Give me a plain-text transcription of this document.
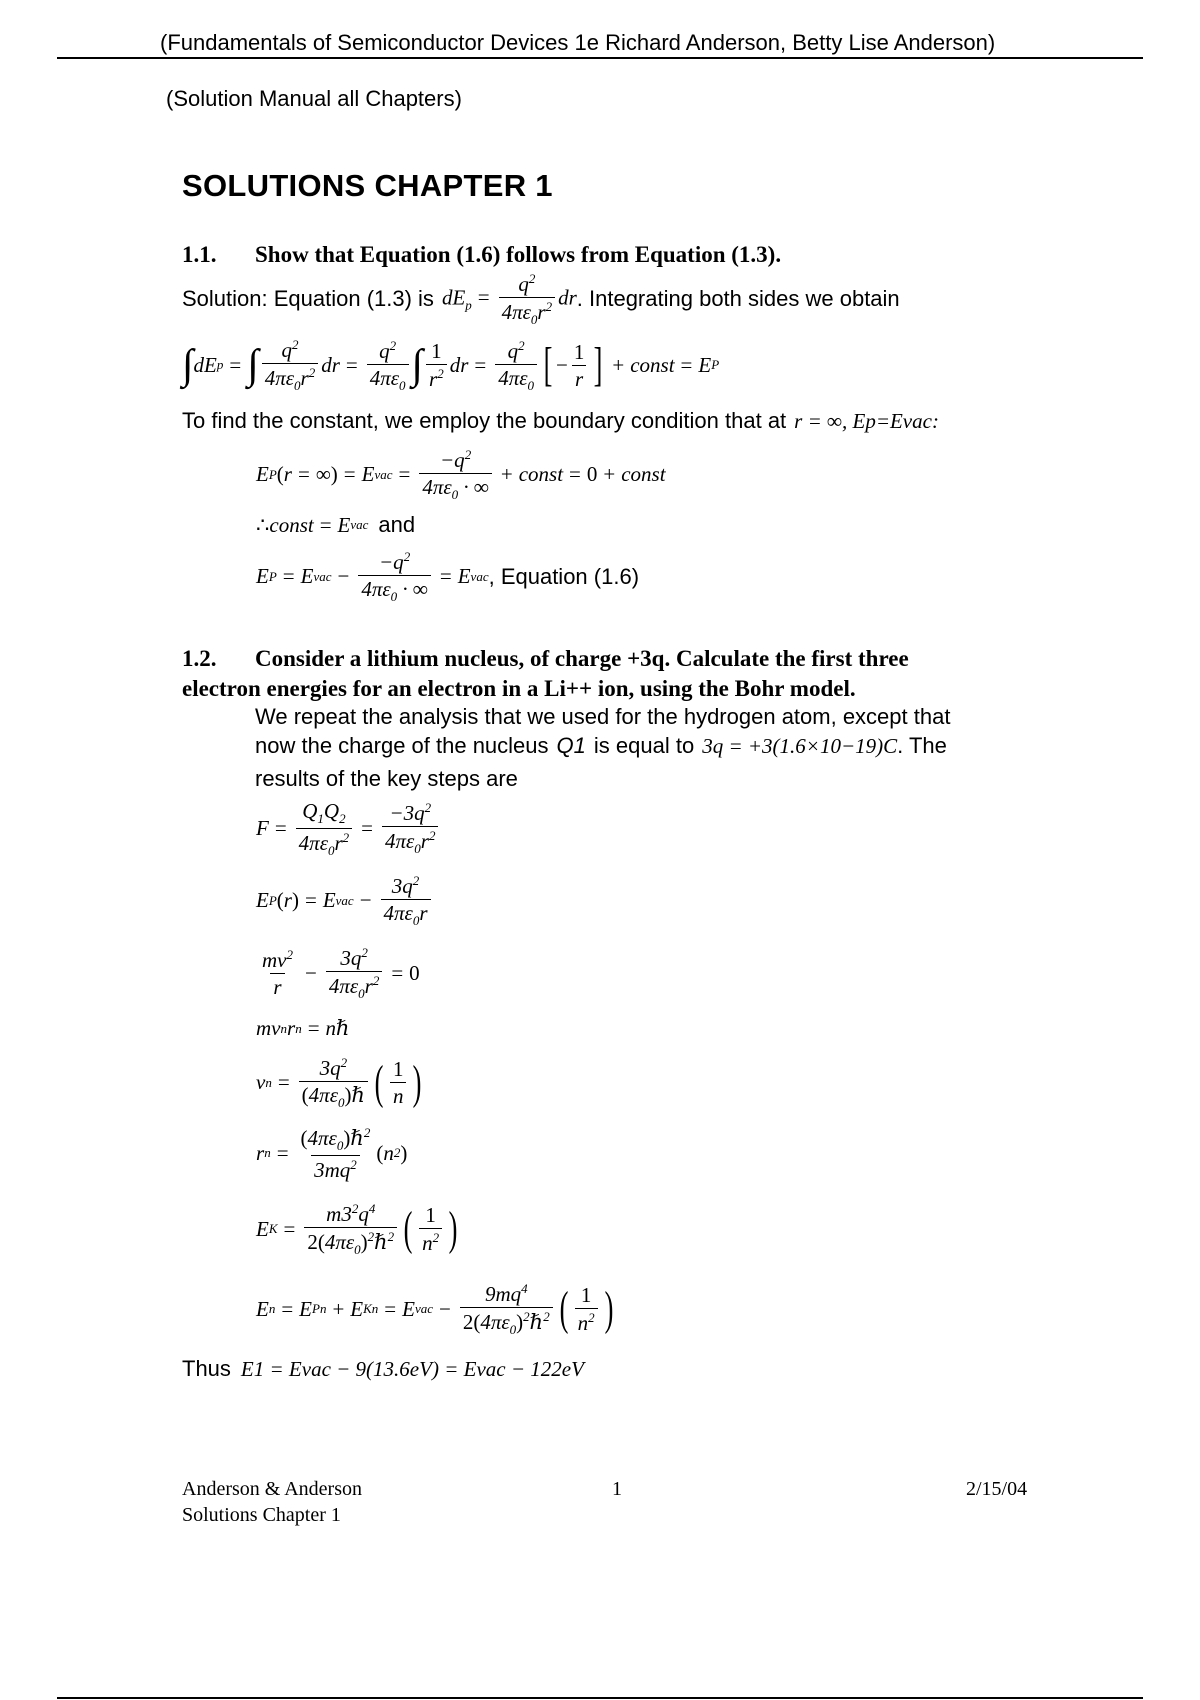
(Fundamentals of Semiconductor Devices 1e Richard Anderson, Betty Lise Anderson)
(Solution Manual all Chapters)
SOLUTIONS CHAPTER 1
1.1. Show that Equation (1.6) follows from Equation (1.3).
Solution: Equation (1.3) is $dE_p = \frac{q^2}{4\pi\varepsilon_0r^2}$ dr . Integrating both sides we obtain
∫ dE p = ∫ $\frac{q^2}{4\pi\varepsilon_0r^2}$ dr = $\frac{q^2}{4\pi\varepsilon_0}$ ∫ $\frac{1}{r^2}$ dr = $\frac{q^2}{4\pi\varepsilon_0}$ [ − $\frac{1}{r}$ ] + const = E P
To find the constant, we employ the boundary condition that at r = ∞, Ep=Evac:
E P ( r = ∞) = E vac = $\frac{-q^2}{4\pi\varepsilon_0 \cdot \infty}$ + const = 0 + const
∴ const = E vac and
E P = E vac − $\frac{-q^2}{4\pi\varepsilon_0 \cdot \infty} = E$ vac , Equation (1.6)
1.2. Consider a lithium nucleus, of charge +3q. Calculate the first three
electron energies for an electron in a Li++ ion, using the Bohr model.
We repeat the analysis that we used for the hydrogen atom, except that
now the charge of the nucleus Q1 is equal to 3q = +3(1.6×10−19)C . The
results of the key steps are
$F = \frac{Q_1Q_2}{4\pi\varepsilon_0r^2} = \frac{-3q^2}{4\pi\varepsilon_0r^2}$
E P ( r ) = E vac − $\frac{3q^2}{4\pi\varepsilon_0r}$
$\frac{mv^2}{r} - \frac{3q^2}{4\pi\varepsilon_0r^2} = 0$
mv n r n = nℏ
v $n = \frac{3q^2}{(4\pi\varepsilon_0)\hbar}$ ( $\frac{1}{n}$ )
r $n = \frac{(4\pi\varepsilon_0)\hbar^2}{3mq^2}$ ( n 2 )
E $K = \frac{m3^2q^4}{2(4\pi\varepsilon_0)^2\hbar^2}$ ( $\frac{1}{n^2}$ )
E n = E Pn + E Kn = E vac − $\frac{9mq^4}{2(4\pi\varepsilon_0)^2\hbar^2}$ ( $\frac{1}{n^2}$ )
Thus E1 = Evac − 9(13.6eV) = Evac − 122eV
Anderson & Anderson
Solutions Chapter 1
1	2/15/04
